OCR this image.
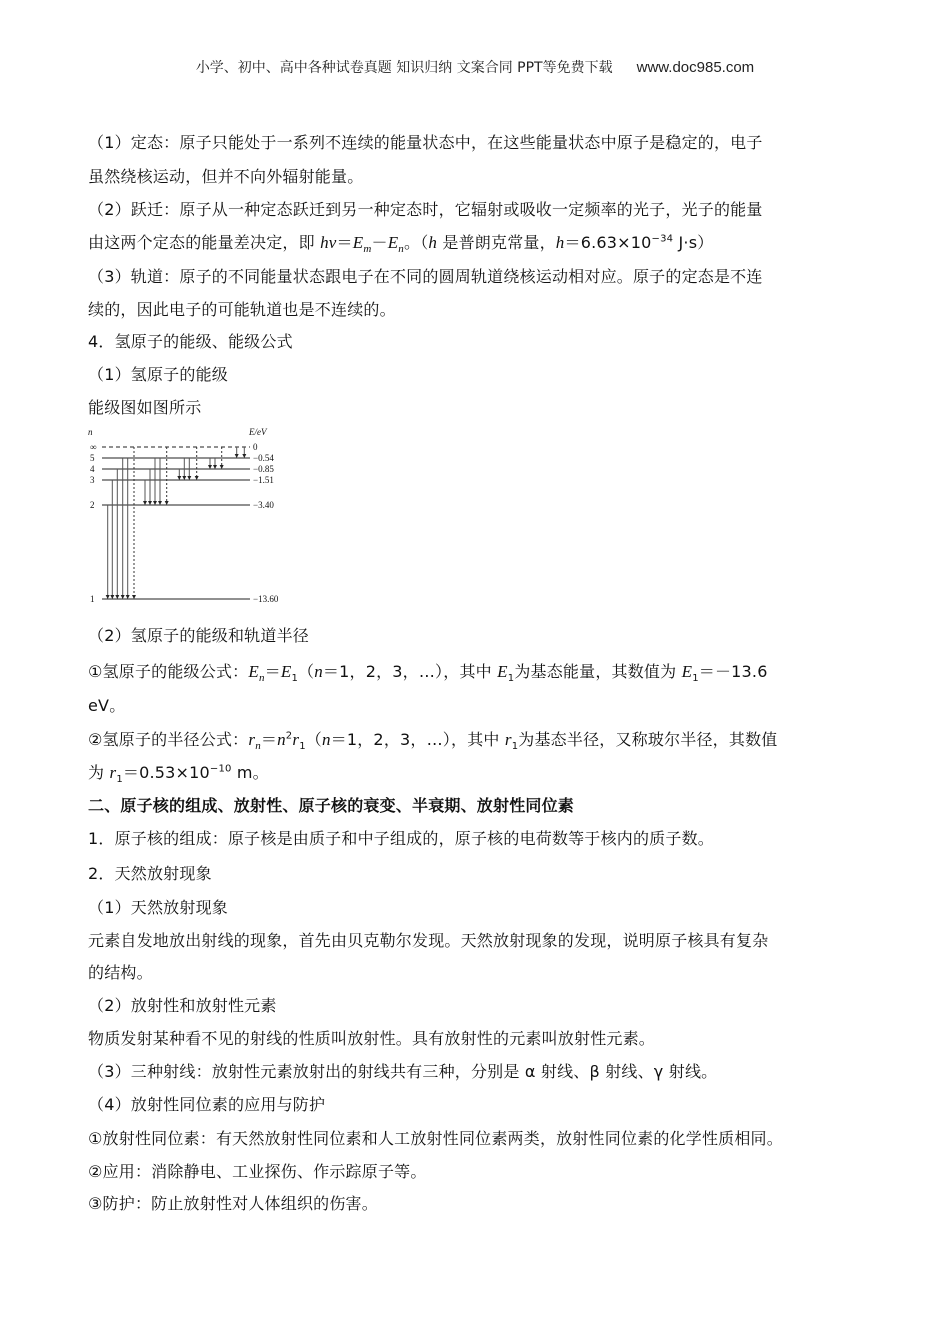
小学、初中、高中各种试卷真题 知识归纳 文案合同 PPT等免费下载 www.doc985.com
（1）定态：原子只能处于一系列不连续的能量状态中，在这些能量状态中原子是稳定的，电子
虽然绕核运动，但并不向外辐射能量。
（2）跃迁：原子从一种定态跃迁到另一种定态时，它辐射或吸收一定频率的光子，光子的能量
由这两个定态的能量差决定，即 $h\nu=E_m-E_n$。（h 是普朗克常量，$h=6.63\times 10^{-34}$ J·s）
（3）轨道：原子的不同能量状态跟电子在不同的圆周轨道绕核运动相对应。原子的定态是不连
续的，因此电子的可能轨道也是不连续的。
4．氢原子的能级、能级公式
（1）氢原子的能级
能级图如图所示
n	E/eV
∞	0
5	−0.54
4	−0.85
3	−1.51
2	−3.40
1	−13.60
（2）氢原子的能级和轨道半径
①氢原子的能级公式：$E_n=E_1(n=1$，2，3，…），其中 $E_1$为基态能量，其数值为 $E_1=-13.6$
eV。
②氢原子的半径公式：$r_n=n^2r_1(n=1$，2，3，…），其中 $r_1$为基态半径，又称玻尔半径，其数值
为 $r_1=0.53\times 10^{-10}$ m。
二、原子核的组成、放射性、原子核的衰变、半衰期、放射性同位素
1．原子核的组成：原子核是由质子和中子组成的，原子核的电荷数等于核内的质子数。
2．天然放射现象
（1）天然放射现象
元素自发地放出射线的现象，首先由贝克勒尔发现。天然放射现象的发现，说明原子核具有复杂
的结构。
（2）放射性和放射性元素
物质发射某种看不见的射线的性质叫放射性。具有放射性的元素叫放射性元素。
（3）三种射线：放射性元素放射出的射线共有三种，分别是 α 射线、β 射线、γ 射线。
（4）放射性同位素的应用与防护
①放射性同位素：有天然放射性同位素和人工放射性同位素两类，放射性同位素的化学性质相同。
②应用：消除静电、工业探伤、作示踪原子等。
③防护：防止放射性对人体组织的伤害。
